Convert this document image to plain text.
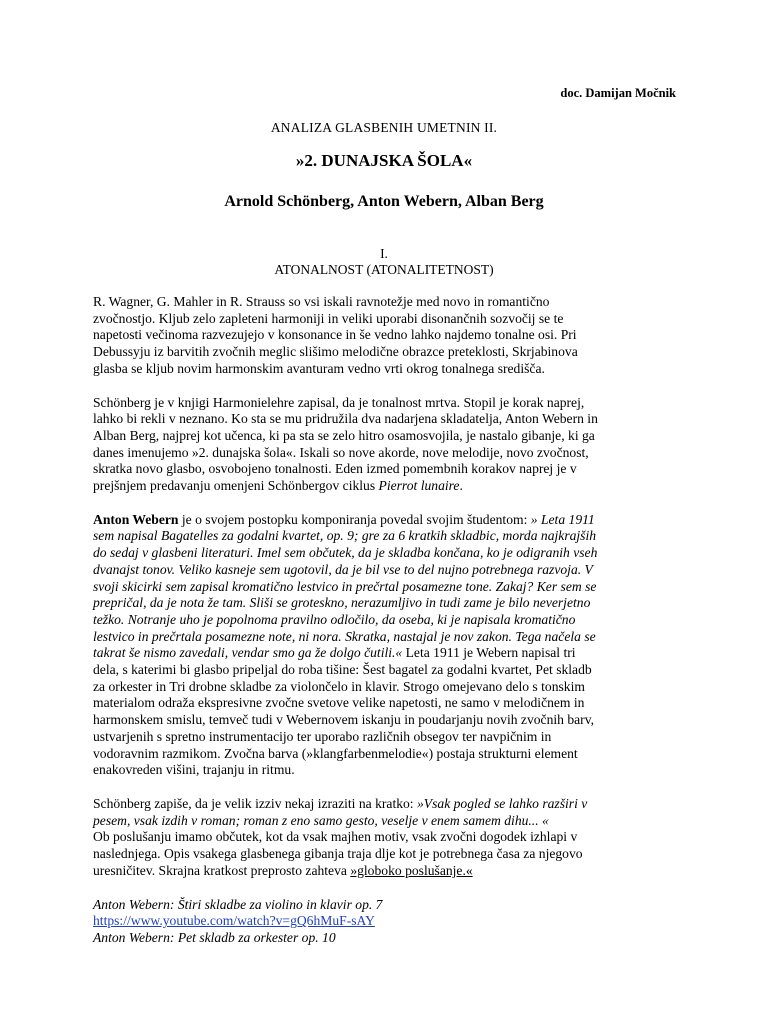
doc. Damijan Močnik
ANALIZA GLASBENIH UMETNIN II.
»2. DUNAJSKA ŠOLA«
Arnold Schönberg, Anton Webern, Alban Berg
I.
ATONALNOST (ATONALITETNOST)

R. Wagner, G. Mahler in R. Strauss so vsi iskali ravnotežje med novo in romantično
zvočnostjo. Kljub zelo zapleteni harmoniji in veliki uporabi disonančnih sozvočij se te
napetosti večinoma razvezujejo v konsonance in še vedno lahko najdemo tonalne osi. Pri
Debussyju iz barvitih zvočnih meglic slišimo melodične obrazce preteklosti, Skrjabinova
glasba se kljub novim harmonskim avanturam vedno vrti okrog tonalnega središča.

Schönberg je v knjigi Harmonielehre zapisal, da je tonalnost mrtva. Stopil je korak naprej,
lahko bi rekli v neznano. Ko sta se mu pridružila dva nadarjena skladatelja, Anton Webern in
Alban Berg, najprej kot učenca, ki pa sta se zelo hitro osamosvojila, je nastalo gibanje, ki ga
danes imenujemo »2. dunajska šola«. Iskali so nove akorde, nove melodije, novo zvočnost,
skratka novo glasbo, osvobojeno tonalnosti. Eden izmed pomembnih korakov naprej je v
prejšnjem predavanju omenjeni Schönbergov ciklus Pierrot lunaire.

Anton Webern je o svojem postopku komponiranja povedal svojim študentom: » Leta 1911
sem napisal Bagatelles za godalni kvartet, op. 9; gre za 6 kratkih skladbic, morda najkrajših
do sedaj v glasbeni literaturi. Imel sem občutek, da je skladba končana, ko je odigranih vseh
dvanajst tonov. Veliko kasneje sem ugotovil, da je bil vse to del nujno potrebnega razvoja. V
svoji skicirki sem zapisal kromatično lestvico in prečrtal posamezne tone. Zakaj? Ker sem se
prepričal, da je nota že tam. Sliši se groteskno, nerazumljivo in tudi zame je bilo neverjetno
težko. Notranje uho je popolnoma pravilno odločilo, da oseba, ki je napisala kromatično
lestvico in prečrtala posamezne note, ni nora. Skratka, nastajal je nov zakon. Tega načela se
takrat še nismo zavedali, vendar smo ga že dolgo čutili.« Leta 1911 je Webern napisal tri
dela, s katerimi bi glasbo pripeljal do roba tišine: Šest bagatel za godalni kvartet, Pet skladb
za orkester in Tri drobne skladbe za violončelo in klavir. Strogo omejevano delo s tonskim
materialom odraža ekspresivne zvočne svetove velike napetosti, ne samo v melodičnem in
harmonskem smislu, temveč tudi v Webernovem iskanju in poudarjanju novih zvočnih barv,
ustvarjenih s spretno instrumentacijo ter uporabo različnih obsegov ter navpičnim in
vodoravnim razmikom. Zvočna barva (»klangfarbenmelodie«) postaja strukturni element
enakovreden višini, trajanju in ritmu.

Schönberg zapiše, da je velik izziv nekaj izraziti na kratko: »Vsak pogled se lahko razširi v
pesem, vsak izdih v roman; roman z eno samo gesto, veselje v enem samem dihu... «

Ob poslušanju imamo občutek, kot da vsak majhen motiv, vsak zvočni dogodek izhlapi v
naslednjega. Opis vsakega glasbenega gibanja traja dlje kot je potrebnega časa za njegovo
uresničitev. Skrajna kratkost preprosto zahteva »globoko poslušanje.«

Anton Webern: Štiri skladbe za violino in klavir op. 7
https://www.youtube.com/watch?v=gQ6hMuF-sAY
Anton Webern: Pet skladb za orkester op. 10
